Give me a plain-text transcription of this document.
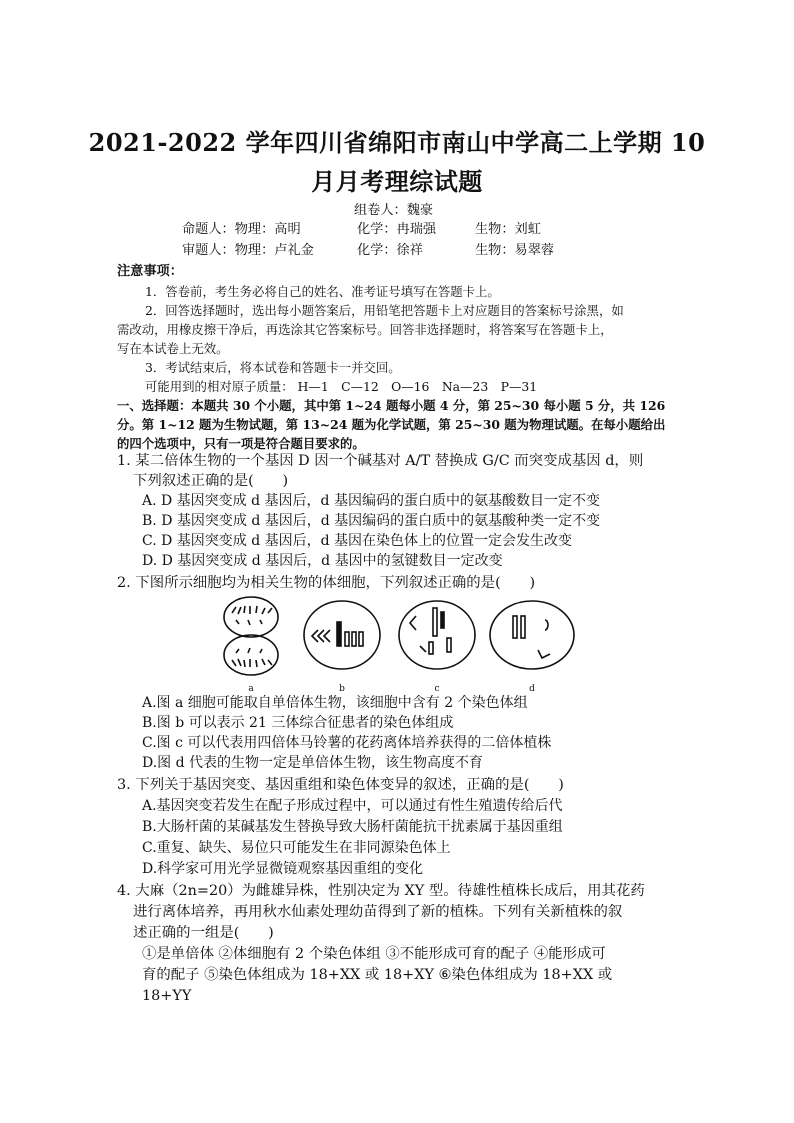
2021-2022 学年四川省绵阳市南山中学高二上学期 10
月月考理综试题
组卷人：魏豪
命题人：物理：高明	化学：冉瑞强	生物：刘虹
审题人：物理：卢礼金	化学：徐祥	生物：易翠蓉
注意事项：
1．答卷前，考生务必将自己的姓名、准考证号填写在答题卡上。
2．回答选择题时，选出每小题答案后，用铅笔把答题卡上对应题目的答案标号涂黑，如
需改动，用橡皮擦干净后，再选涂其它答案标号。回答非选择题时，将答案写在答题卡上，
写在本试卷上无效。
3．考试结束后，将本试卷和答题卡一并交回。
可能用到的相对原子质量： H—1　C—12　O—16　Na—23　P—31
一、选择题：本题共 30 个小题，其中第 1~24 题每小题 4 分，第 25~30 每小题 5 分，共 126
分。第 1~12 题为生物试题，第 13~24 题为化学试题，第 25~30 题为物理试题。在每小题给出
的四个选项中，只有一项是符合题目要求的。
1. 某二倍体生物的一个基因 D 因一个碱基对 A/T 替换成 G/C 而突变成基因 d，则
下列叙述正确的是(　　)
A. D 基因突变成 d 基因后，d 基因编码的蛋白质中的氨基酸数目一定不变
B. D 基因突变成 d 基因后，d 基因编码的蛋白质中的氨基酸种类一定不变
C. D 基因突变成 d 基因后，d 基因在染色体上的位置一定会发生改变
D. D 基因突变成 d 基因后，d 基因中的氢键数目一定改变
2. 下图所示细胞均为相关生物的体细胞，下列叙述正确的是(　　)
a	b	c	d
A.图 a 细胞可能取自单倍体生物，该细胞中含有 2 个染色体组
B.图 b 可以表示 21 三体综合征患者的染色体组成
C.图 c 可以代表用四倍体马铃薯的花药离体培养获得的二倍体植株
D.图 d 代表的生物一定是单倍体生物，该生物高度不育
3. 下列关于基因突变、基因重组和染色体变异的叙述，正确的是(　　)
A.基因突变若发生在配子形成过程中，可以通过有性生殖遗传给后代
B.大肠杆菌的某碱基发生替换导致大肠杆菌能抗干扰素属于基因重组
C.重复、缺失、易位只可能发生在非同源染色体上
D.科学家可用光学显微镜观察基因重组的变化
4. 大麻（2n=20）为雌雄异株，性别决定为 XY 型。待雄性植株长成后，用其花药
进行离体培养，再用秋水仙素处理幼苗得到了新的植株。下列有关新植株的叙
述正确的一组是(　　)
①是单倍体 ②体细胞有 2 个染色体组 ③不能形成可育的配子 ④能形成可
育的配子 ⑤染色体组成为 18+XX 或 18+XY ⑥染色体组成为 18+XX 或
18+YY
